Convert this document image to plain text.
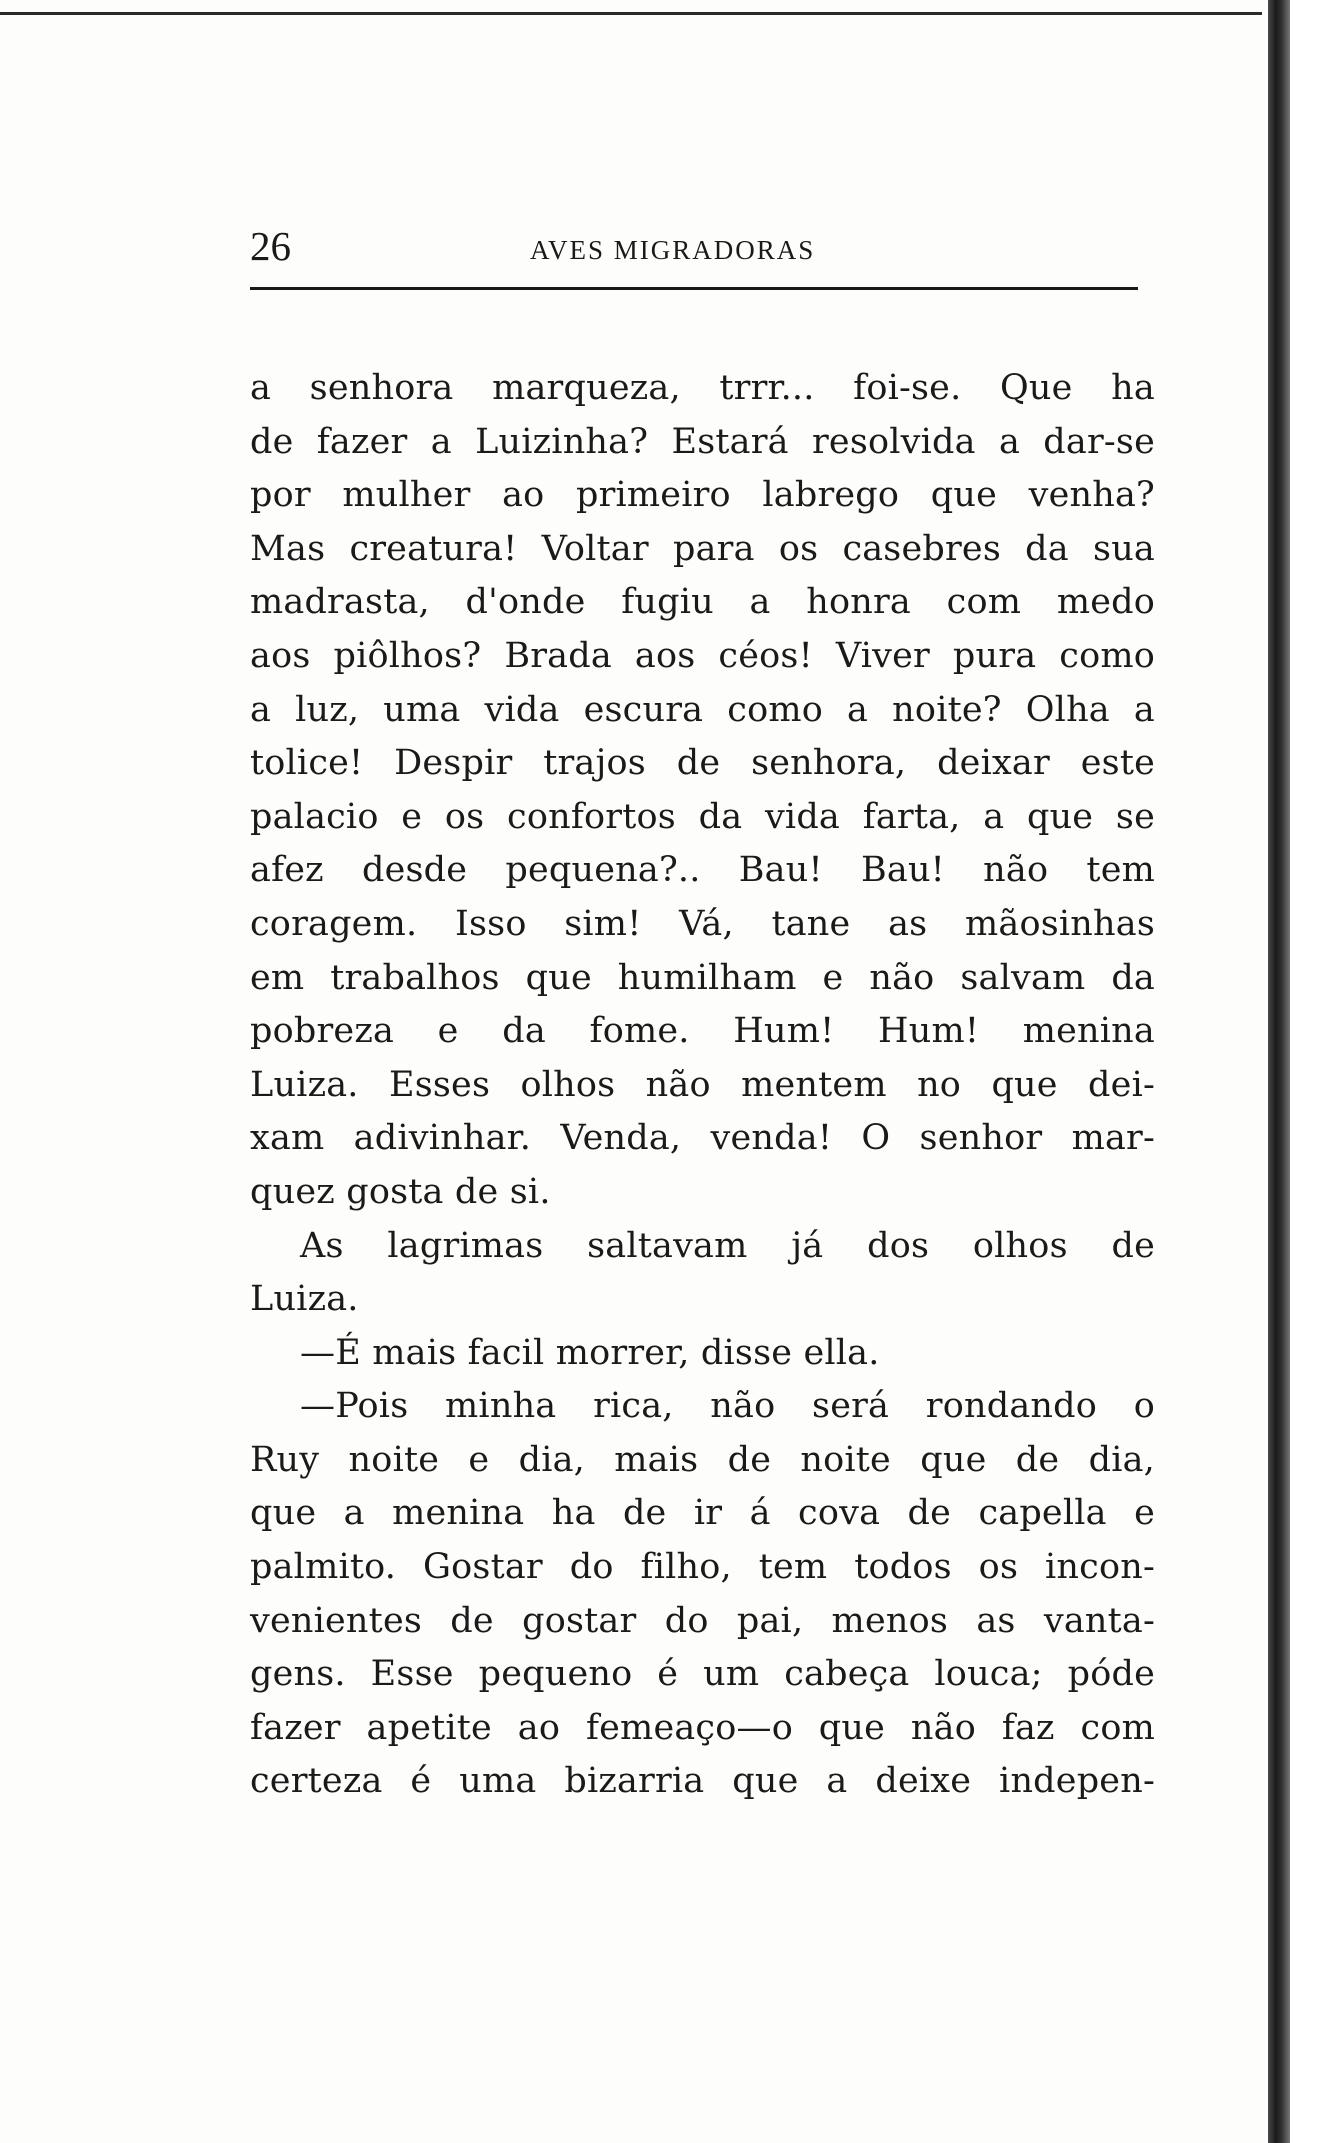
26	AVES MIGRADORAS
a senhora marqueza, trrr... foi-se. Que ha
de fazer a Luizinha? Estará resolvida a dar-se
por mulher ao primeiro labrego que venha?
Mas creatura! Voltar para os casebres da sua
madrasta, d'onde fugiu a honra com medo
aos piôlhos? Brada aos céos! Viver pura como
a luz, uma vida escura como a noite? Olha a
tolice! Despir trajos de senhora, deixar este
palacio e os confortos da vida farta, a que se
afez desde pequena?.. Bau! Bau! não tem
coragem. Isso sim! Vá, tane as mãosinhas
em trabalhos que humilham e não salvam da
pobreza e da fome. Hum! Hum! menina
Luiza. Esses olhos não mentem no que dei-
xam adivinhar. Venda, venda! O senhor mar-
quez gosta de si.
As lagrimas saltavam já dos olhos de
Luiza.
—É mais facil morrer, disse ella.
—Pois minha rica, não será rondando o
Ruy noite e dia, mais de noite que de dia,
que a menina ha de ir á cova de capella e
palmito. Gostar do filho, tem todos os incon-
venientes de gostar do pai, menos as vanta-
gens. Esse pequeno é um cabeça louca; póde
fazer apetite ao femeaço—o que não faz com
certeza é uma bizarria que a deixe indepen-
